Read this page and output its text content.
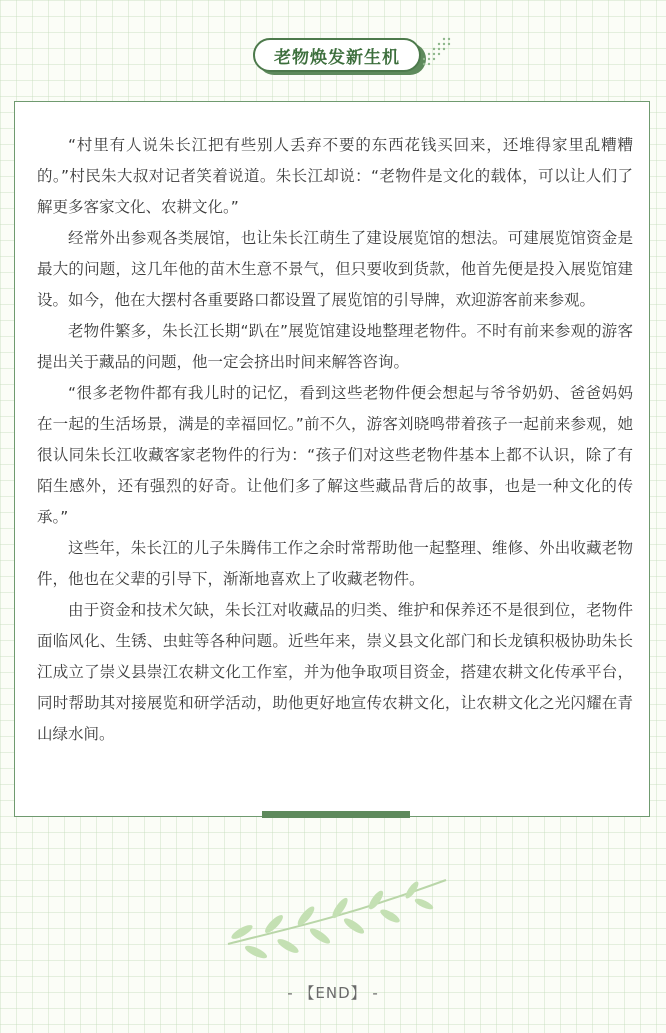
老物焕发新生机

“村里有人说朱长江把有些别人丢弃不要的东西花钱买回来，还堆得家里乱糟糟的。”村民朱大叔对记者笑着说道。朱长江却说：“老物件是文化的载体，可以让人们了解更多客家文化、农耕文化。”

经常外出参观各类展馆，也让朱长江萌生了建设展览馆的想法。可建展览馆资金是最大的问题，这几年他的苗木生意不景气，但只要收到货款，他首先便是投入展览馆建设。如今，他在大摆村各重要路口都设置了展览馆的引导牌，欢迎游客前来参观。

老物件繁多，朱长江长期“趴在”展览馆建设地整理老物件。不时有前来参观的游客提出关于藏品的问题，他一定会挤出时间来解答咨询。

“很多老物件都有我儿时的记忆，看到这些老物件便会想起与爷爷奶奶、爸爸妈妈在一起的生活场景，满是的幸福回忆。”前不久，游客刘晓鸣带着孩子一起前来参观，她很认同朱长江收藏客家老物件的行为：“孩子们对这些老物件基本上都不认识，除了有陌生感外，还有强烈的好奇。让他们多了解这些藏品背后的故事，也是一种文化的传承。”

这些年，朱长江的儿子朱腾伟工作之余时常帮助他一起整理、维修、外出收藏老物件，他也在父辈的引导下，渐渐地喜欢上了收藏老物件。

由于资金和技术欠缺，朱长江对收藏品的归类、维护和保养还不是很到位，老物件面临风化、生锈、虫蛀等各种问题。近些年来，崇义县文化部门和长龙镇积极协助朱长江成立了崇义县崇江农耕文化工作室，并为他争取项目资金，搭建农耕文化传承平台，同时帮助其对接展览和研学活动，助他更好地宣传农耕文化，让农耕文化之光闪耀在青山绿水间。

- 【END】 -
